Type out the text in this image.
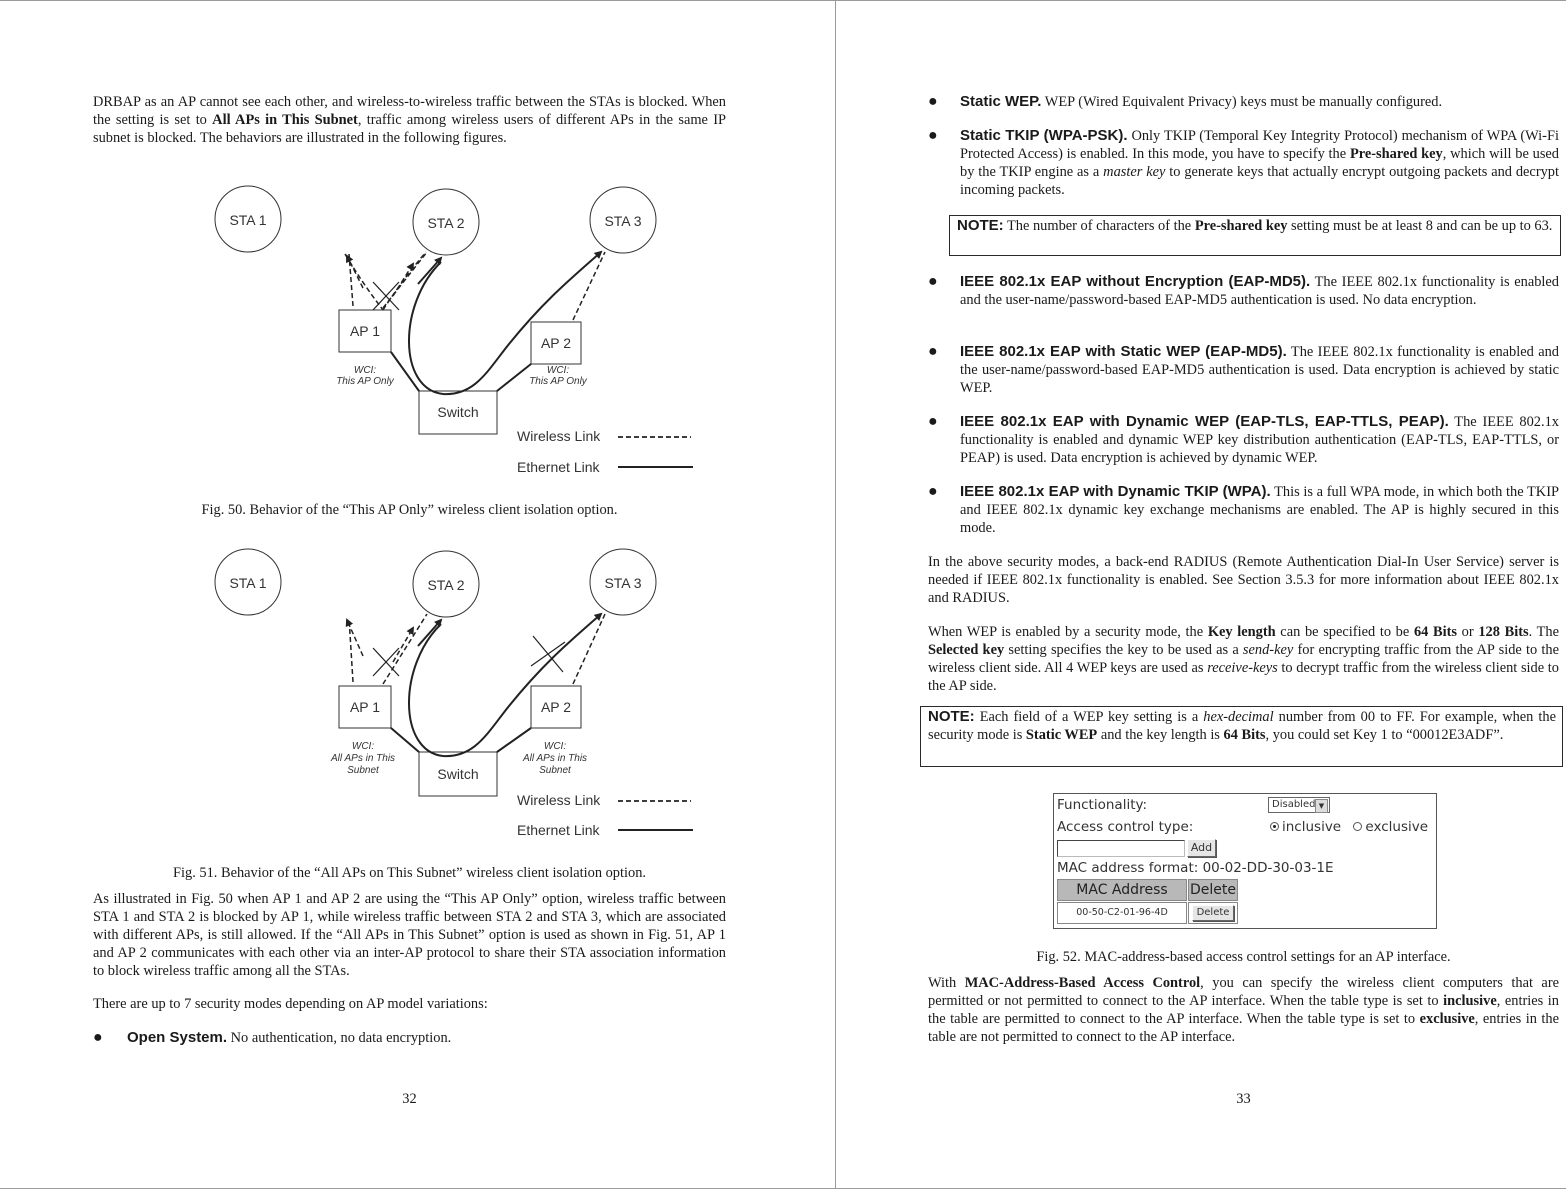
DRBAP as an AP cannot see each other, and wireless-to-wireless traffic between the STAs is blocked. When the setting is set to All APs in This Subnet, traffic among wireless users of different APs in the same IP subnet is blocked. The behaviors are illustrated in the following figures.

STA 1	STA 2	STA 3
AP 1
AP 2
Switch
WCI:
This AP Only
WCI:
This AP Only
Wireless Link
Ethernet Link
Fig. 50. Behavior of the “This AP Only” wireless client isolation option.
STA 1	STA 2	STA 3
AP 1	AP 2
Switch
WCI:
All APs in This
Subnet
WCI:
All APs in This
Subnet
Wireless Link
Ethernet Link
Fig. 51. Behavior of the “All APs on This Subnet” wireless client isolation option.

As illustrated in Fig. 50 when AP 1 and AP 2 are using the “This AP Only” option, wireless traffic between STA 1 and STA 2 is blocked by AP 1, while wireless traffic between STA 2 and STA 3, which are associated with different APs, is still allowed. If the “All APs in This Subnet” option is used as shown in Fig. 51, AP 1 and AP 2 communicates with each other via an inter-AP protocol to share their STA association information to block wireless traffic among all the STAs.

There are up to 7 security modes depending on AP model variations:

● Open System. No authentication, no data encryption.

32
● Static WEP. WEP (Wired Equivalent Privacy) keys must be manually configured.

● Static TKIP (WPA-PSK). Only TKIP (Temporal Key Integrity Protocol) mechanism of WPA (Wi-Fi Protected Access) is enabled. In this mode, you have to specify the Pre-shared key, which will be used by the TKIP engine as a master key to generate keys that actually encrypt outgoing packets and decrypt incoming packets.

NOTE: The number of characters of the Pre-shared key setting must be at least 8 and can be up to 63.

● IEEE 802.1x EAP without Encryption (EAP-MD5). The IEEE 802.1x functionality is enabled and the user-name/password-based EAP-MD5 authentication is used. No data encryption.

● IEEE 802.1x EAP with Static WEP (EAP-MD5). The IEEE 802.1x functionality is enabled and the user-name/password-based EAP-MD5 authentication is used. Data encryption is achieved by static WEP.

● IEEE 802.1x EAP with Dynamic WEP (EAP-TLS, EAP-TTLS, PEAP). The IEEE 802.1x functionality is enabled and dynamic WEP key distribution authentication (EAP-TLS, EAP-TTLS, or PEAP) is used. Data encryption is achieved by dynamic WEP.

● IEEE 802.1x EAP with Dynamic TKIP (WPA). This is a full WPA mode, in which both the TKIP and IEEE 802.1x dynamic key exchange mechanisms are enabled. The AP is highly secured in this mode.

In the above security modes, a back-end RADIUS (Remote Authentication Dial-In User Service) server is needed if IEEE 802.1x functionality is enabled. See Section 3.5.3 for more information about IEEE 802.1x and RADIUS.

When WEP is enabled by a security mode, the Key length can be specified to be 64 Bits or 128 Bits. The Selected key setting specifies the key to be used as a send-key for encrypting traffic from the AP side to the wireless client side. All 4 WEP keys are used as receive-keys to decrypt traffic from the wireless client side to the AP side.

NOTE: Each field of a WEP key setting is a hex-decimal number from 00 to FF. For example, when the security mode is Static WEP and the key length is 64 Bits, you could set Key 1 to “00012E3ADF”.

Functionality:	Disabled ▼
Access control type:	inclusive exclusive
Add
MAC address format: 00-02-DD-30-03-1E
MAC Address	Delete
00-50-C2-01-96-4D	Delete
Fig. 52. MAC-address-based access control settings for an AP interface.

With MAC-Address-Based Access Control, you can specify the wireless client computers that are permitted or not permitted to connect to the AP interface. When the table type is set to inclusive, entries in the table are permitted to connect to the AP interface. When the table type is set to exclusive, entries in the table are not permitted to connect to the AP interface.

33
